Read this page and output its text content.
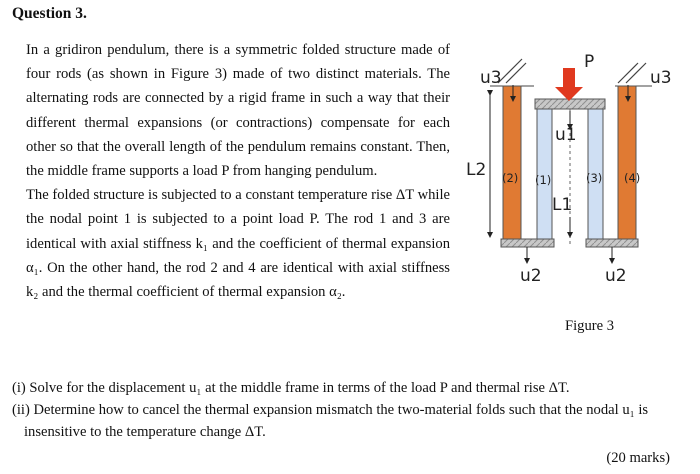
Question 3.

In a gridiron pendulum, there is a symmetric folded structure made of four rods (as shown in Figure 3) made of two distinct materials. The alternating rods are connected by a rigid frame in such a way that their different thermal expansions (or contractions) compensate for each other so that the overall length of the pendulum remains constant. Then, the middle frame supports a load P from hanging pendulum.

The folded structure is subjected to a constant temperature rise ΔT while the nodal point 1 is subjected to a point load P. The rod 1 and 3 are identical with axial stiffness k₁ and the coefficient of thermal expansion α₁. On the other hand, the rod 2 and 4 are identical with axial stiffness k₂ and the thermal coefficient of thermal expansion α₂.

P
u3	u3
u1
L2
L1
u2	u2
(2) (1)	(3) (4)
Figure 3

(i) Solve for the displacement u₁ at the middle frame in terms of the load P and thermal rise ΔT.

(ii) Determine how to cancel the thermal expansion mismatch the two-material folds such that the nodal u₁ is insensitive to the temperature change ΔT.

(20 marks)
